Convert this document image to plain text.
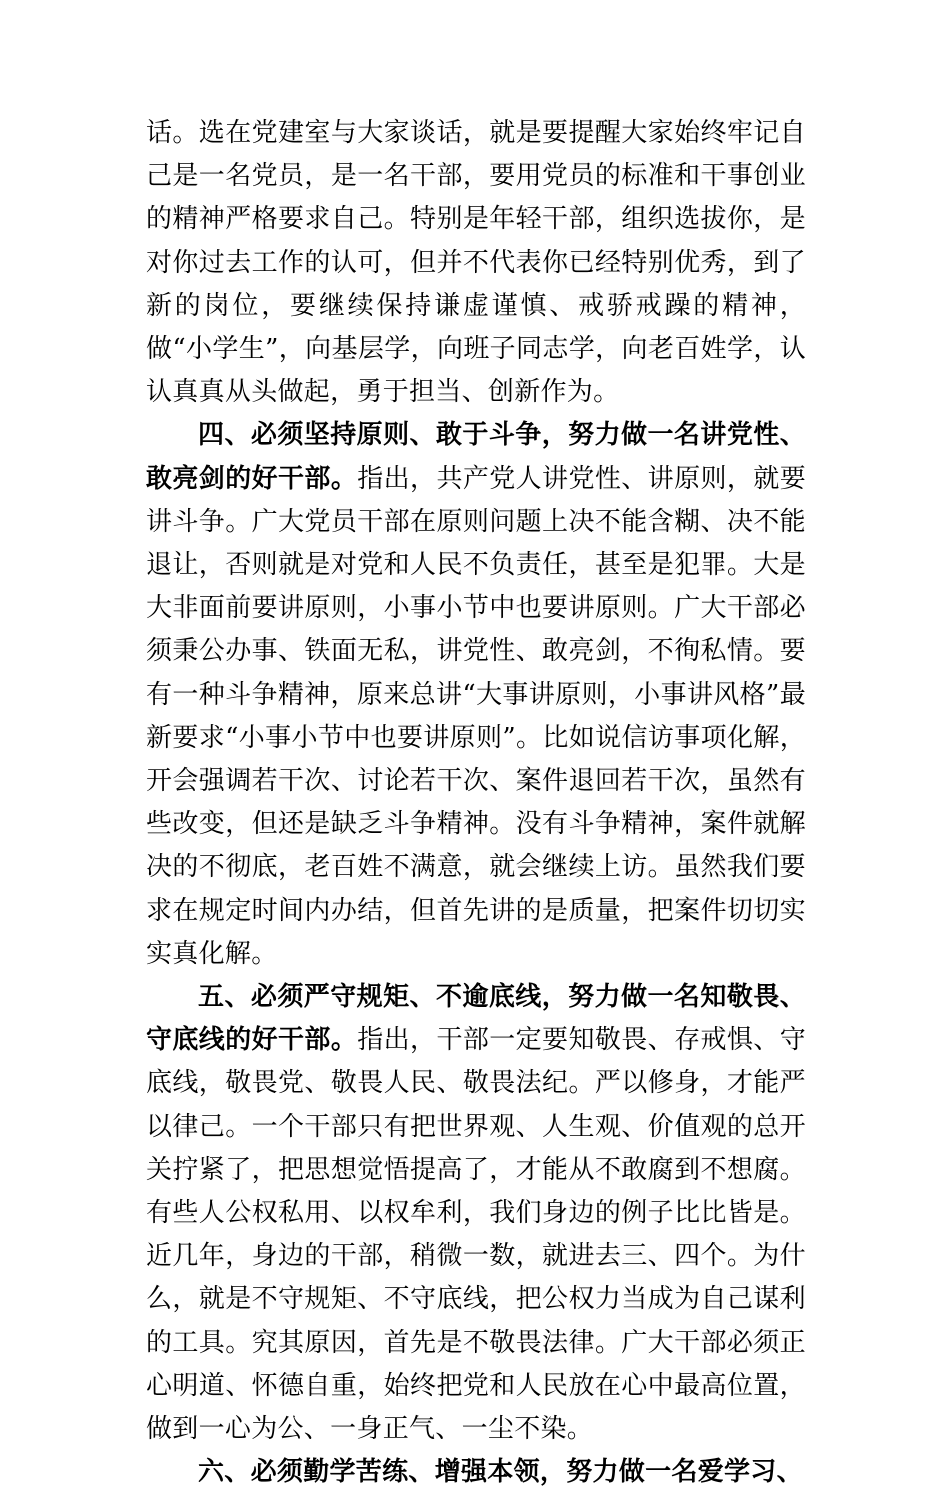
话。选在党建室与大家谈话，就是要提醒大家始终牢记自己是一名党员，是一名干部，要用党员的标准和干事创业的精神严格要求自己。特别是年轻干部，组织选拔你，是对你过去工作的认可，但并不代表你已经特别优秀，到了新的岗位，要继续保持谦虚谨慎、戒骄戒躁的精神，做“小学生”，向基层学，向班子同志学，向老百姓学，认认真真从头做起，勇于担当、创新作为。

四、必须坚持原则、敢于斗争，努力做一名讲党性、敢亮剑的好干部。指出，共产党人讲党性、讲原则，就要讲斗争。广大党员干部在原则问题上决不能含糊、决不能退让，否则就是对党和人民不负责任，甚至是犯罪。大是大非面前要讲原则，小事小节中也要讲原则。广大干部必须秉公办事、铁面无私，讲党性、敢亮剑，不徇私情。要有一种斗争精神，原来总讲“大事讲原则，小事讲风格”最新要求“小事小节中也要讲原则”。比如说信访事项化解，开会强调若干次、讨论若干次、案件退回若干次，虽然有些改变，但还是缺乏斗争精神。没有斗争精神，案件就解决的不彻底，老百姓不满意，就会继续上访。虽然我们要求在规定时间内办结，但首先讲的是质量，把案件切切实实真化解。

五、必须严守规矩、不逾底线，努力做一名知敬畏、守底线的好干部。指出，干部一定要知敬畏、存戒惧、守底线，敬畏党、敬畏人民、敬畏法纪。严以修身，才能严以律己。一个干部只有把世界观、人生观、价值观的总开关拧紧了，把思想觉悟提高了，才能从不敢腐到不想腐。有些人公权私用、以权牟利，我们身边的例子比比皆是。近几年，身边的干部，稍微一数，就进去三、四个。为什么，就是不守规矩、不守底线，把公权力当成为自己谋利的工具。究其原因，首先是不敬畏法律。广大干部必须正心明道、怀德自重，始终把党和人民放在心中最高位置，做到一心为公、一身正气、一尘不染。

六、必须勤学苦练、增强本领，努力做一名爱学习、
